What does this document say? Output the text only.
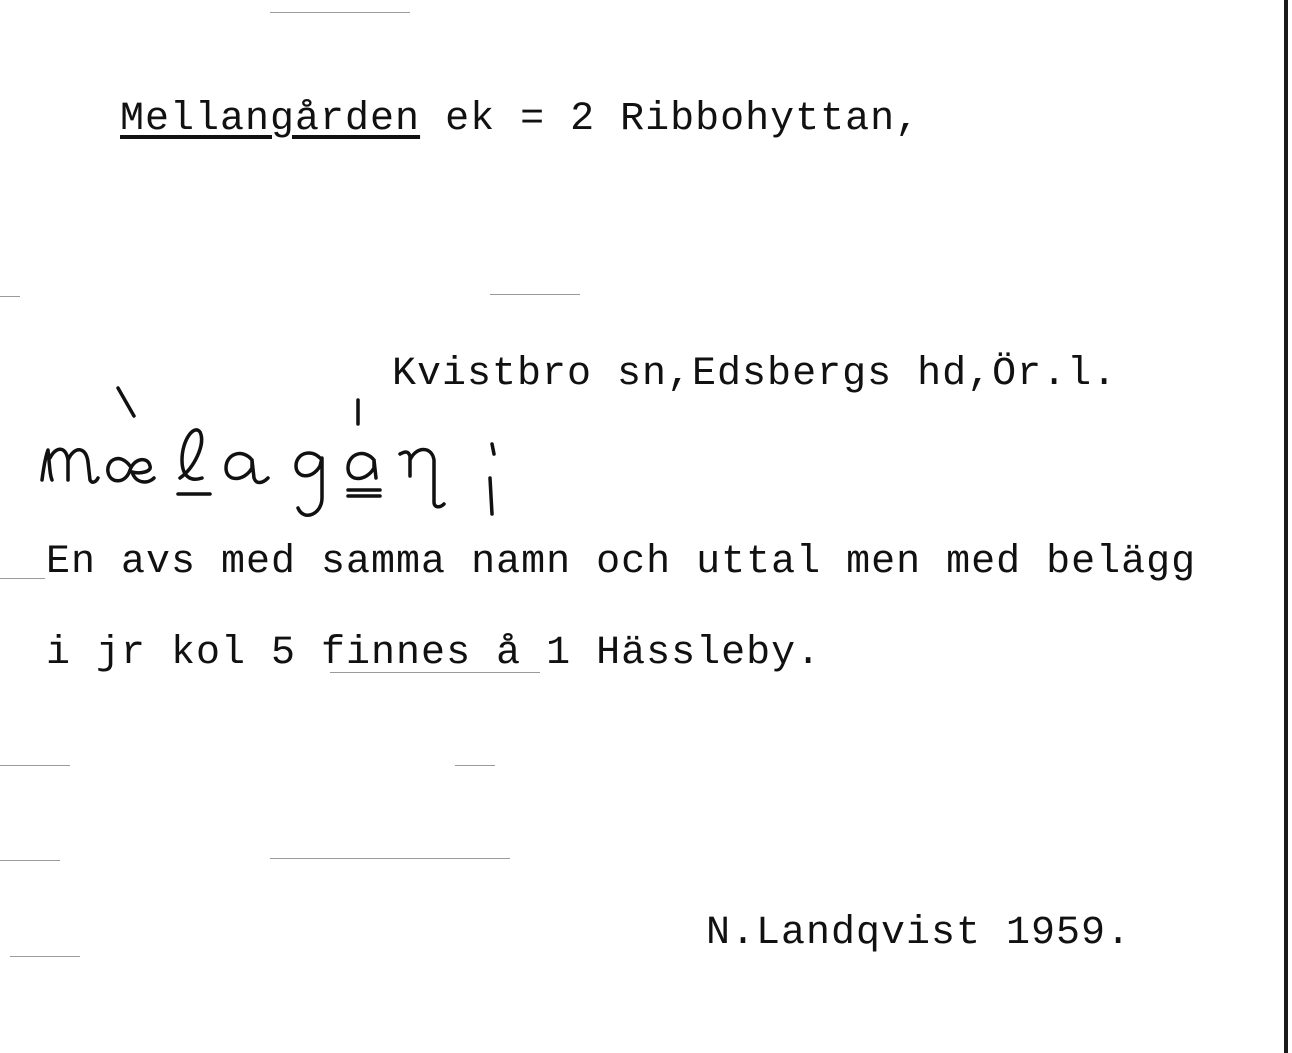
Mellangården ek = 2 Ribbohyttan,

Kvistbro sn,Edsbergs hd,Ör.l.
En avs med samma namn och uttal men med belägg
i jr kol 5 finnes å 1 Hässleby.
N.Landqvist 1959.
